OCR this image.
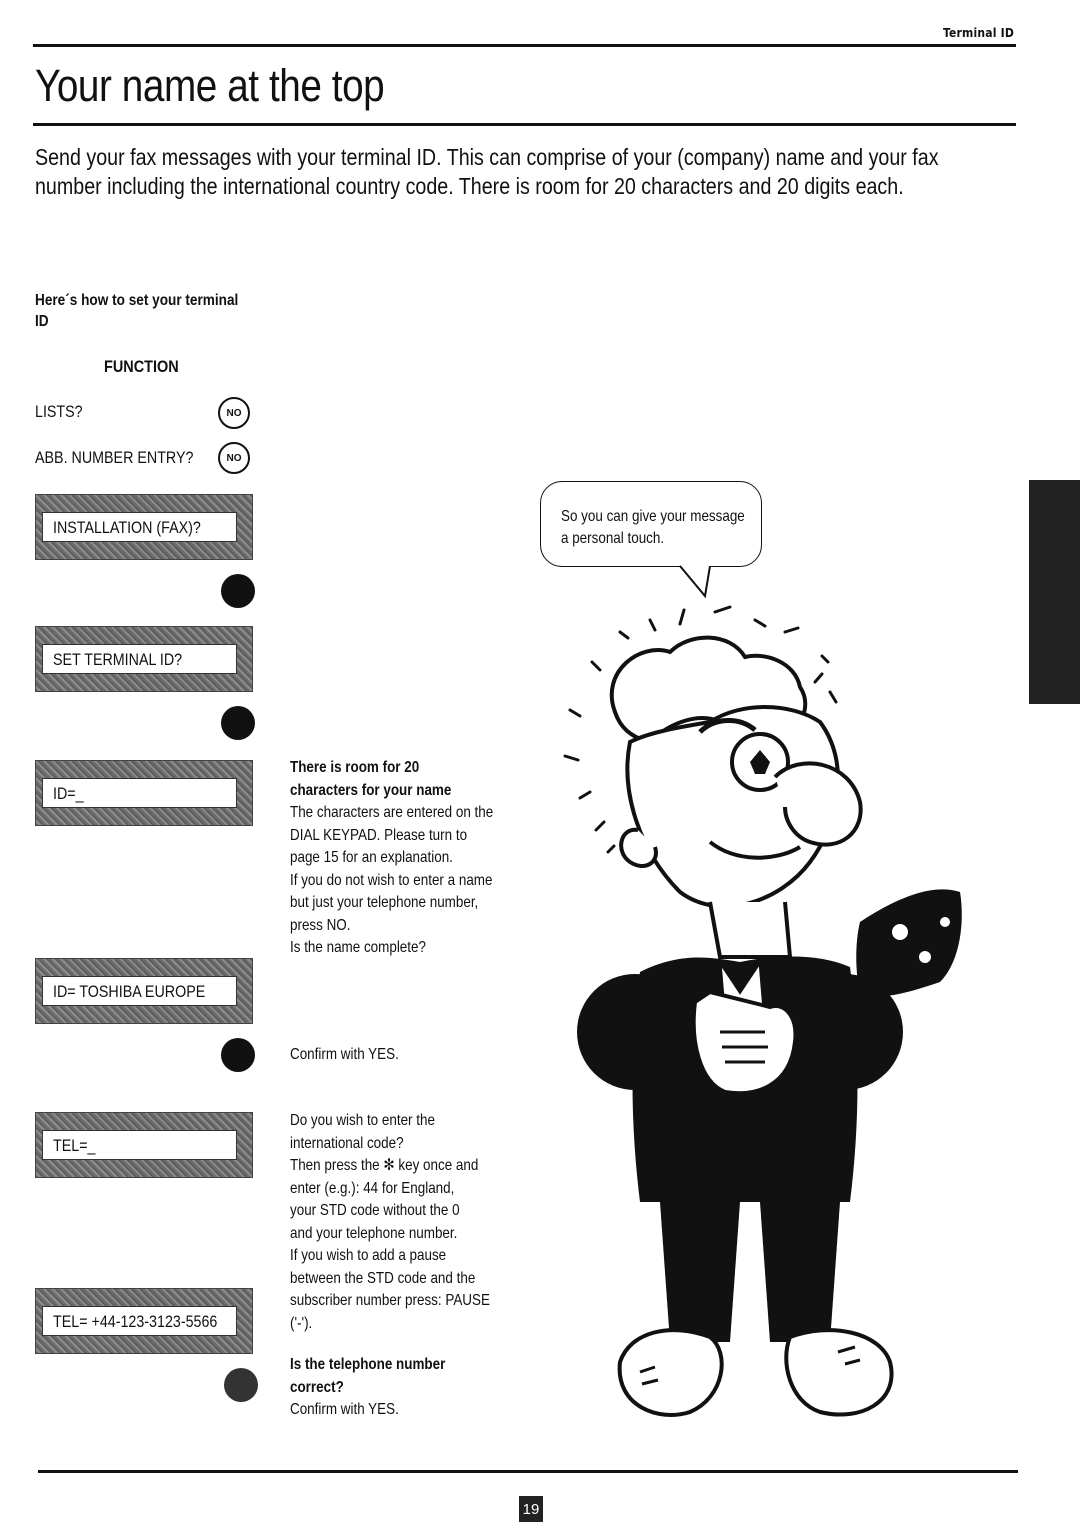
Terminal ID
Your name at the top
Send your fax messages with your terminal ID. This can comprise of your (company) name and your fax number including the international country code. There is room for 20 characters and 20 digits each.
Here´s how to set your terminal ID
FUNCTION
LISTS?	NO
ABB. NUMBER ENTRY?	NO
INSTALLATION (FAX)?
SET TERMINAL ID?
ID=_
ID= TOSHIBA EUROPE
TEL=_
TEL= +44-123-3123-5566
There is room for 20 characters for your name
The characters are entered on the
DIAL KEYPAD. Please turn to
page 15 for an explanation.
If you do not wish to enter a name
but just your telephone number,
press NO.
Is the name complete?
Confirm with YES.
Do you wish to enter the
international code?
Then press the ✻ key once and
enter (e.g.): 44 for England,
your STD code without the 0
and your telephone number.
If you wish to add a pause
between the STD code and the
subscriber number press: PAUSE
('-').
Is the telephone number correct?
Confirm with YES.
So you can give your message
a personal touch.
19
